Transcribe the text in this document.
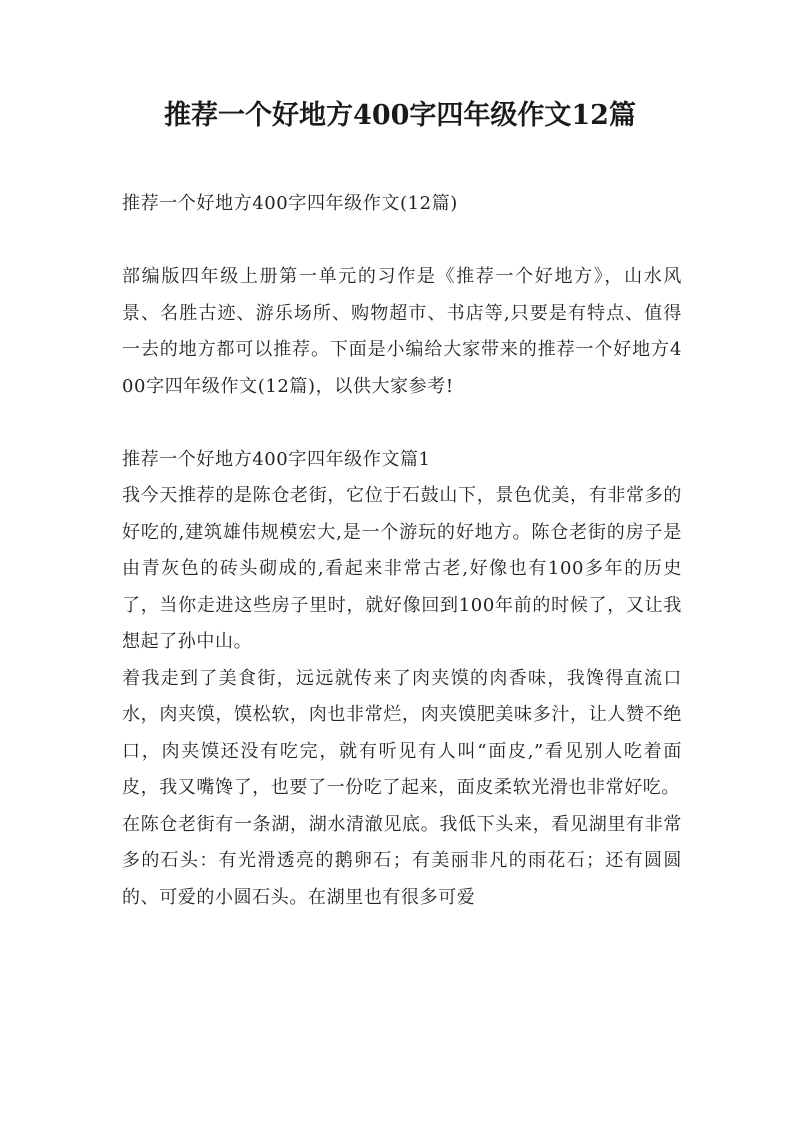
推荐一个好地方400字四年级作文12篇

推荐一个好地方400字四年级作文(12篇)

部编版四年级上册第一单元的习作是《推荐一个好地方》，山水风景、名胜古迹、游乐场所、购物超市、书店等,只要是有特点、值得一去的地方都可以推荐。下面是小编给大家带来的推荐一个好地方400字四年级作文(12篇)，以供大家参考!

推荐一个好地方400字四年级作文篇1

我今天推荐的是陈仓老街，它位于石鼓山下，景色优美，有非常多的好吃的,建筑雄伟规模宏大,是一个游玩的好地方。陈仓老街的房子是由青灰色的砖头砌成的,看起来非常古老,好像也有100多年的历史了，当你走进这些房子里时，就好像回到100年前的时候了，又让我想起了孙中山。

着我走到了美食街，远远就传来了肉夹馍的肉香味，我馋得直流口水，肉夹馍，馍松软，肉也非常烂，肉夹馍肥美味多汁，让人赞不绝口，肉夹馍还没有吃完，就有听见有人叫“面皮,”看见别人吃着面皮，我又嘴馋了，也要了一份吃了起来，面皮柔软光滑也非常好吃。

在陈仓老街有一条湖，湖水清澈见底。我低下头来，看见湖里有非常多的石头：有光滑透亮的鹅卵石；有美丽非凡的雨花石；还有圆圆的、可爱的小圆石头。在湖里也有很多可爱
